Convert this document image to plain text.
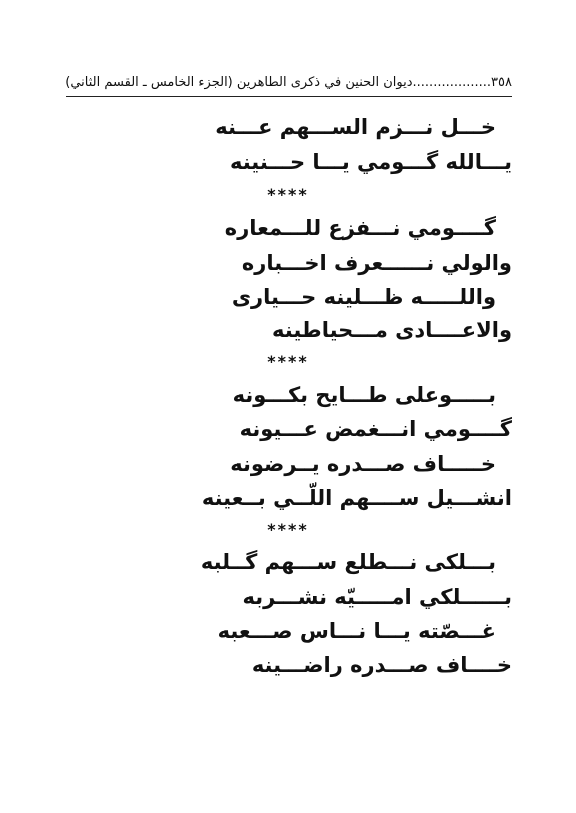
٣٥٨...................
ديوان الحنين في ذكرى الطاهرين (الجزء الخامس ـ القسم الثاني)
خـــل نـــزم الســـهم عـــنه
يـــالله گـــومي يـــا حـــنينه
****
گــــومي نـــفزع للـــمعاره
والولي نــــــعرف اخـــباره
واللـــــه ظـــلينه حـــيارى
والاعــــادى مـــحياطينه
****
بـــــوعلى طـــايح بكـــونه
گــــومي انـــغمض عـــيونه
خـــــاف صـــدره يــرضونه
انشـــيل ســــهم اللّــي بــعينه
****
بـــلكى نـــطلع ســـهم گــلبه
بــــــلكي امـــــيّه نشـــربه
غـــصّته يـــا نـــاس صـــعبه
خــــاف صـــدره راضـــينه
